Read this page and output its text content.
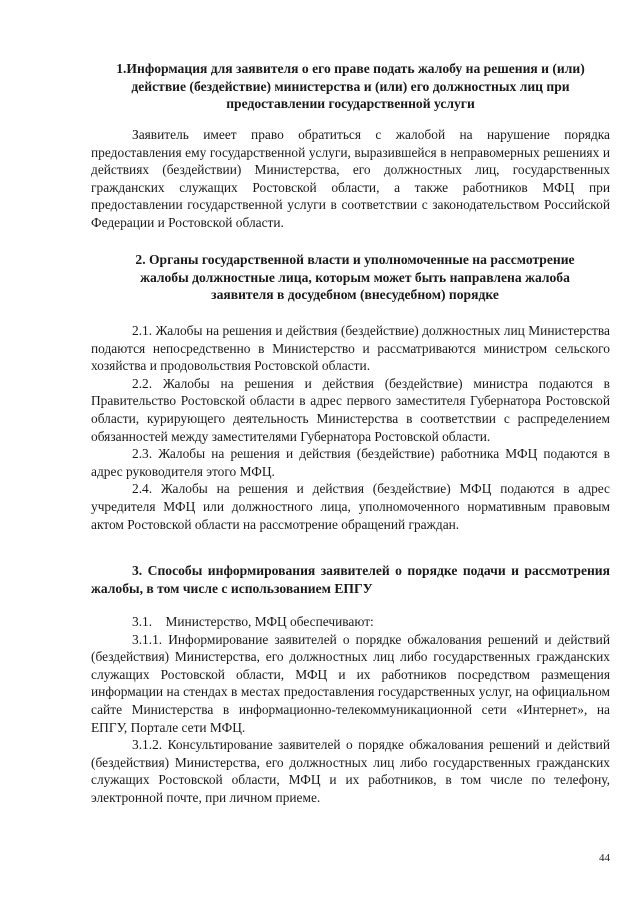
1.Информация для заявителя о его праве подать жалобу на решения и (или) действие (бездействие) министерства и (или) его должностных лиц при предоставлении государственной услуги

Заявитель имеет право обратиться с жалобой на нарушение порядка предоставления ему государственной услуги, выразившейся в неправомерных решениях и действиях (бездействии) Министерства, его должностных лиц, государственных гражданских служащих Ростовской области, а также работников МФЦ при предоставлении государственной услуги в соответствии с законодательством Российской Федерации и Ростовской области.

2. Органы государственной власти и уполномоченные на рассмотрение жалобы должностные лица, которым может быть направлена жалоба заявителя в досудебном (внесудебном) порядке

2.1. Жалобы на решения и действия (бездействие) должностных лиц Министерства подаются непосредственно в Министерство и рассматриваются министром сельского хозяйства и продовольствия Ростовской области.

2.2. Жалобы на решения и действия (бездействие) министра подаются в Правительство Ростовской области в адрес первого заместителя Губернатора Ростовской области, курирующего деятельность Министерства в соответствии с распределением обязанностей между заместителями Губернатора Ростовской области.

2.3. Жалобы на решения и действия (бездействие) работника МФЦ подаются в адрес руководителя этого МФЦ.

2.4. Жалобы на решения и действия (бездействие) МФЦ подаются в адрес учредителя МФЦ или должностного лица, уполномоченного нормативным правовым актом Ростовской области на рассмотрение обращений граждан.

3. Способы информирования заявителей о порядке подачи и рассмотрения жалобы, в том числе с использованием ЕПГУ

3.1.    Министерство, МФЦ обеспечивают:

3.1.1. Информирование заявителей о порядке обжалования решений и действий (бездействия) Министерства, его должностных лиц либо государственных гражданских служащих Ростовской области, МФЦ и их работников посредством размещения информации на стендах в местах предоставления государственных услуг, на официальном сайте Министерства в информационно-телекоммуникационной сети «Интернет», на ЕПГУ, Портале сети МФЦ.

3.1.2. Консультирование заявителей о порядке обжалования решений и действий (бездействия) Министерства, его должностных лиц либо государственных гражданских служащих Ростовской области, МФЦ и их работников, в том числе по телефону, электронной почте, при личном приеме.

44
